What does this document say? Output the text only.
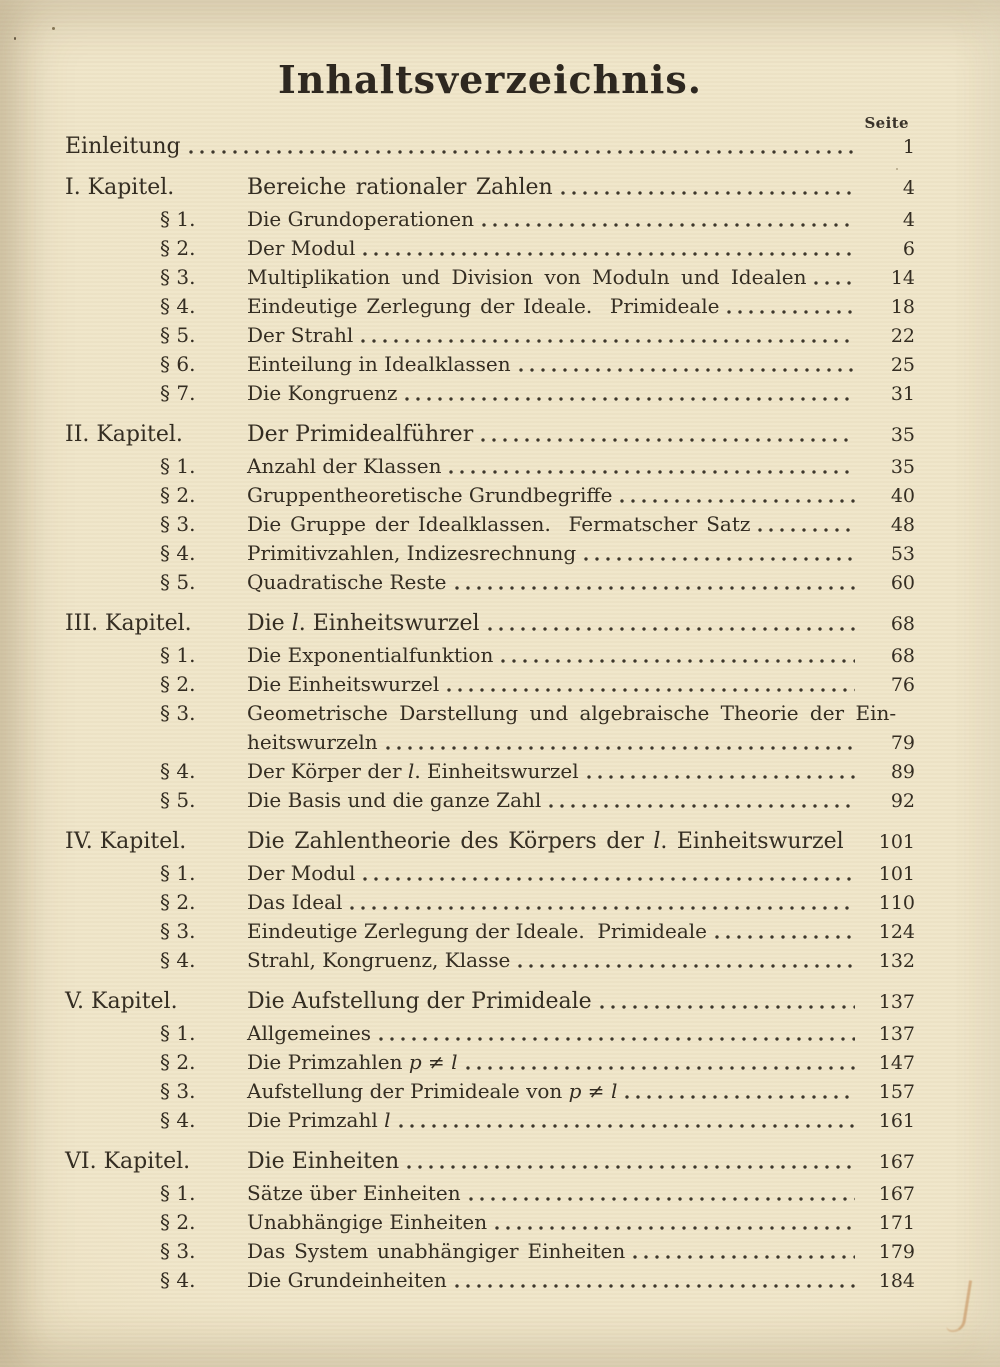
Inhaltsverzeichnis.
Seite
Einleitung	1
I. Kapitel.	Bereiche rationaler Zahlen	4
§ 1.	Die Grundoperationen	4
§ 2.	Der Modul	6
§ 3.	Multiplikation und Division von Moduln und Idealen	14
§ 4.	Eindeutige Zerlegung der Ideale.  Primideale	18
§ 5.	Der Strahl	22
§ 6.	Einteilung in Idealklassen	25
§ 7.	Die Kongruenz	31
II. Kapitel.	Der Primidealführer	35
§ 1.	Anzahl der Klassen	35
§ 2.	Gruppentheoretische Grundbegriffe	40
§ 3.	Die Gruppe der Idealklassen.  Fermatscher Satz	48
§ 4.	Primitivzahlen, Indizesrechnung	53
§ 5.	Quadratische Reste	60
III. Kapitel.	Die l. Einheitswurzel	68
§ 1.	Die Exponentialfunktion	68
§ 2.	Die Einheitswurzel	76
§ 3.	Geometrische Darstellung und algebraische Theorie der Ein-
heitswurzeln	79
§ 4.	Der Körper der l. Einheitswurzel	89
§ 5.	Die Basis und die ganze Zahl	92
IV. Kapitel.	Die Zahlentheorie des Körpers der l. Einheitswurzel	101
§ 1.	Der Modul	101
§ 2.	Das Ideal	110
§ 3.	Eindeutige Zerlegung der Ideale.  Primideale	124
§ 4.	Strahl, Kongruenz, Klasse	132
V. Kapitel.	Die Aufstellung der Primideale	137
§ 1.	Allgemeines	137
§ 2.	Die Primzahlen p ≠ l	147
§ 3.	Aufstellung der Primideale von p ≠ l	157
§ 4.	Die Primzahl l	161
VI. Kapitel.	Die Einheiten	167
§ 1.	Sätze über Einheiten	167
§ 2.	Unabhängige Einheiten	171
§ 3.	Das System unabhängiger Einheiten	179
§ 4.	Die Grundeinheiten	184
